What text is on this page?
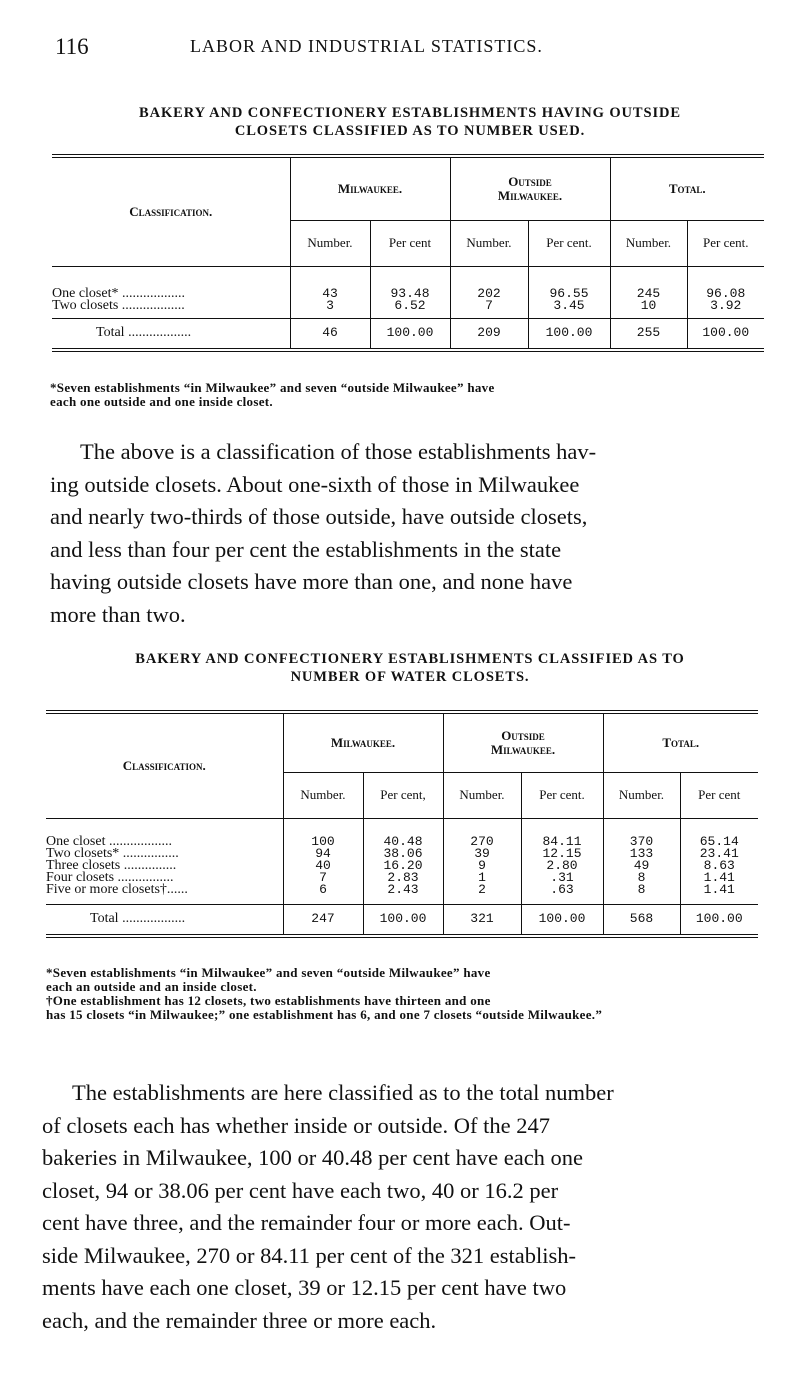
116	LABOR AND INDUSTRIAL STATISTICS.
BAKERY AND CONFECTIONERY ESTABLISHMENTS HAVING OUTSIDE
CLOSETS CLASSIFIED AS TO NUMBER USED.
Classification.	Milwaukee.		Outside
Milwaukee.		Total.	
	Number.	Per cent	Number.	Per cent.	Number.	Per cent.

One closet* ..................	43	93.48	202	96.55	245	96.08
Two closets ..................	3	6.52	7	3.45	10	3.92

Total ..................	46	100.00	209	100.00	255	100.00
*Seven establishments “in Milwaukee” and seven “outside Milwaukee” have
each one outside and one inside closet.
The above is a classification of those establishments hav-
ing outside closets. About one-sixth of those in Milwaukee
and nearly two-thirds of those outside, have outside closets,
and less than four per cent the establishments in the state
having outside closets have more than one, and none have
more than two.
BAKERY AND CONFECTIONERY ESTABLISHMENTS CLASSIFIED AS TO
NUMBER OF WATER CLOSETS.
Classification.	Milwaukee.		Outside
Milwaukee.		Total.	
	Number.	Per cent,	Number.	Per cent.	Number.	Per cent

One closet ..................	100	40.48	270	84.11	370	65.14
Two closets* ................	94	38.06	39	12.15	133	23.41
Three closets ...............	40	16.20	9	2.80	49	8.63
Four closets ................	7	2.83	1	.31	8	1.41
Five or more closets†......	6	2.43	2	.63	8	1.41

Total ..................	247	100.00	321	100.00	568	100.00
*Seven establishments “in Milwaukee” and seven “outside Milwaukee” have
each an outside and an inside closet.
†One establishment has 12 closets, two establishments have thirteen and one
has 15 closets “in Milwaukee;” one establishment has 6, and one 7 closets “outside Milwaukee.”
The establishments are here classified as to the total number
of closets each has whether inside or outside. Of the 247
bakeries in Milwaukee, 100 or 40.48 per cent have each one
closet, 94 or 38.06 per cent have each two, 40 or 16.2 per
cent have three, and the remainder four or more each. Out-
side Milwaukee, 270 or 84.11 per cent of the 321 establish-
ments have each one closet, 39 or 12.15 per cent have two
each, and the remainder three or more each.
